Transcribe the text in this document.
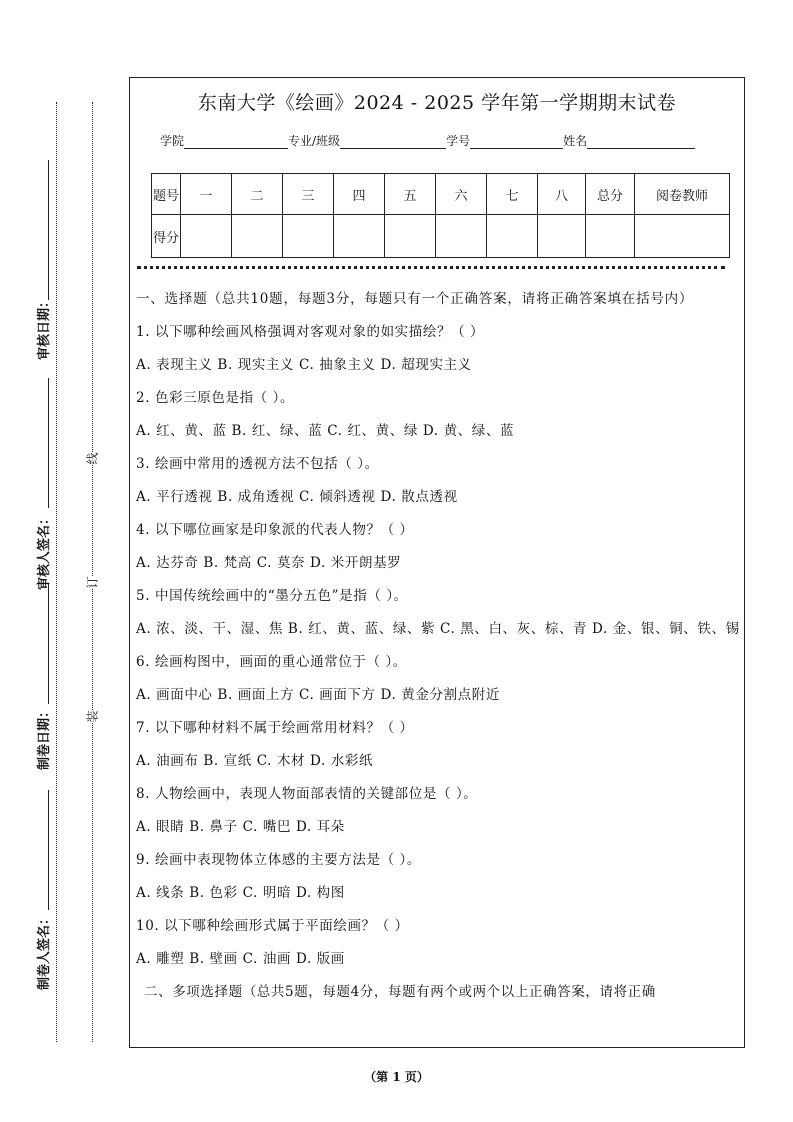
审核日期：
审核人签名：
制卷日期：
制卷人签名：
线
订
装
东南大学《绘画》2024 - 2025 学年第一学期期末试卷
学院	专业/班级	学号	姓名
题号	一	二	三	四	五	六	七	八	总分	阅卷教师
得分										

一、选择题（总共10题，每题3分，每题只有一个正确答案，请将正确答案填在括号内）

1. 以下哪种绘画风格强调对客观对象的如实描绘？（ ）

A. 表现主义 B. 现实主义 C. 抽象主义 D. 超现实主义

2. 色彩三原色是指（ ）。

A. 红、黄、蓝 B. 红、绿、蓝 C. 红、黄、绿 D. 黄、绿、蓝

3. 绘画中常用的透视方法不包括（ ）。

A. 平行透视 B. 成角透视 C. 倾斜透视 D. 散点透视

4. 以下哪位画家是印象派的代表人物？（ ）

A. 达芬奇 B. 梵高 C. 莫奈 D. 米开朗基罗

5. 中国传统绘画中的“墨分五色”是指（ ）。

A. 浓、淡、干、湿、焦 B. 红、黄、蓝、绿、紫 C. 黑、白、灰、棕、青 D. 金、银、铜、铁、锡

6. 绘画构图中，画面的重心通常位于（ ）。

A. 画面中心 B. 画面上方 C. 画面下方 D. 黄金分割点附近

7. 以下哪种材料不属于绘画常用材料？（ ）

A. 油画布 B. 宣纸 C. 木材 D. 水彩纸

8. 人物绘画中，表现人物面部表情的关键部位是（ ）。

A. 眼睛 B. 鼻子 C. 嘴巴 D. 耳朵

9. 绘画中表现物体立体感的主要方法是（ ）。

A. 线条 B. 色彩 C. 明暗 D. 构图

10. 以下哪种绘画形式属于平面绘画？（ ）

A. 雕塑 B. 壁画 C. 油画 D. 版画

二、多项选择题（总共5题，每题4分，每题有两个或两个以上正确答案，请将正确

（第 1 页）
